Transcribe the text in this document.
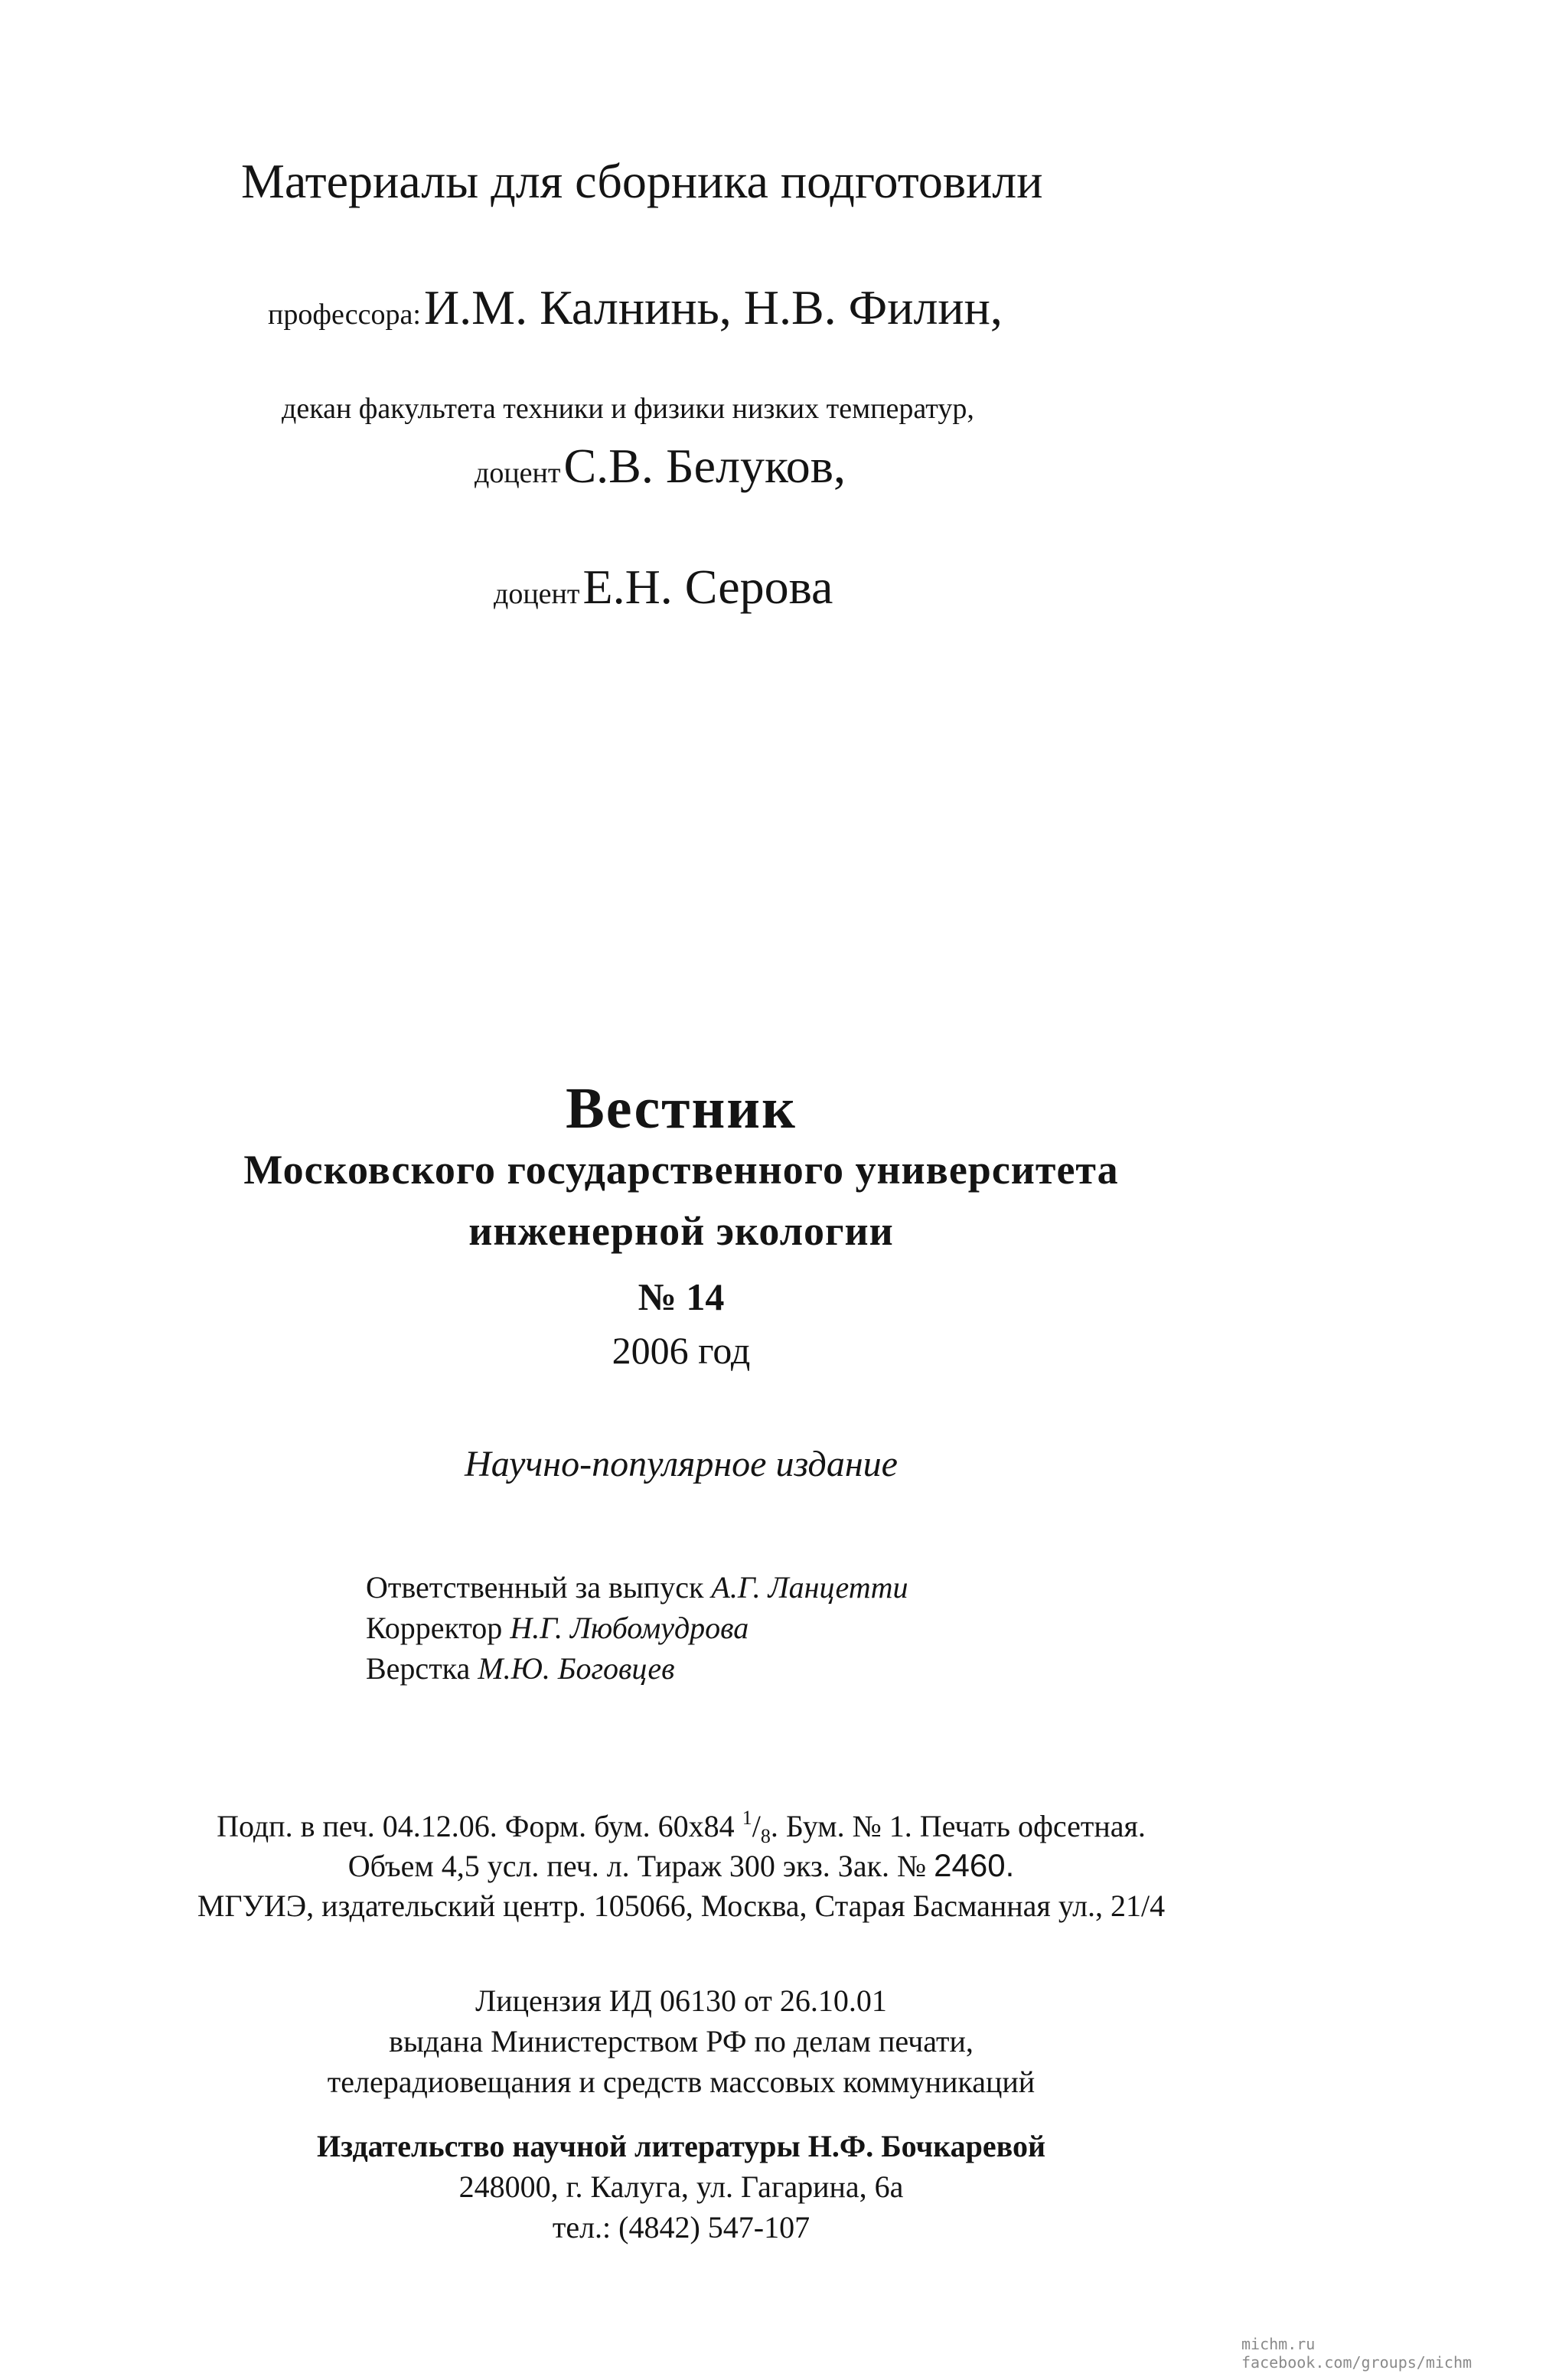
Материалы для сборника подготовили
профессора: И.М. Калнинь, Н.В. Филин,
декан факультета техники и физики низких температур,
доцент С.В. Белуков,
доцент Е.Н. Серова
Вестник
Московского государственного университета
инженерной экологии
№ 14
2006 год
Научно-популярное издание
Ответственный за выпуск А.Г. Ланцетти
Корректор Н.Г. Любомудрова
Верстка М.Ю. Боговцев
Подп. в печ. 04.12.06. Форм. бум. 60x84 $^1/_8$. Бум. № 1. Печать офсетная.
Объем 4,5 усл. печ. л. Тираж 300 экз. Зак. № 2460.
МГУИЭ, издательский центр. 105066, Москва, Старая Басманная ул., 21/4
Лицензия ИД 06130 от 26.10.01
выдана Министерством РФ по делам печати,
телерадиовещания и средств массовых коммуникаций
Издательство научной литературы Н.Ф. Бочкаревой
248000, г. Калуга, ул. Гагарина, 6а
тел.: (4842) 547-107
michm.ru
facebook.com/groups/michm
